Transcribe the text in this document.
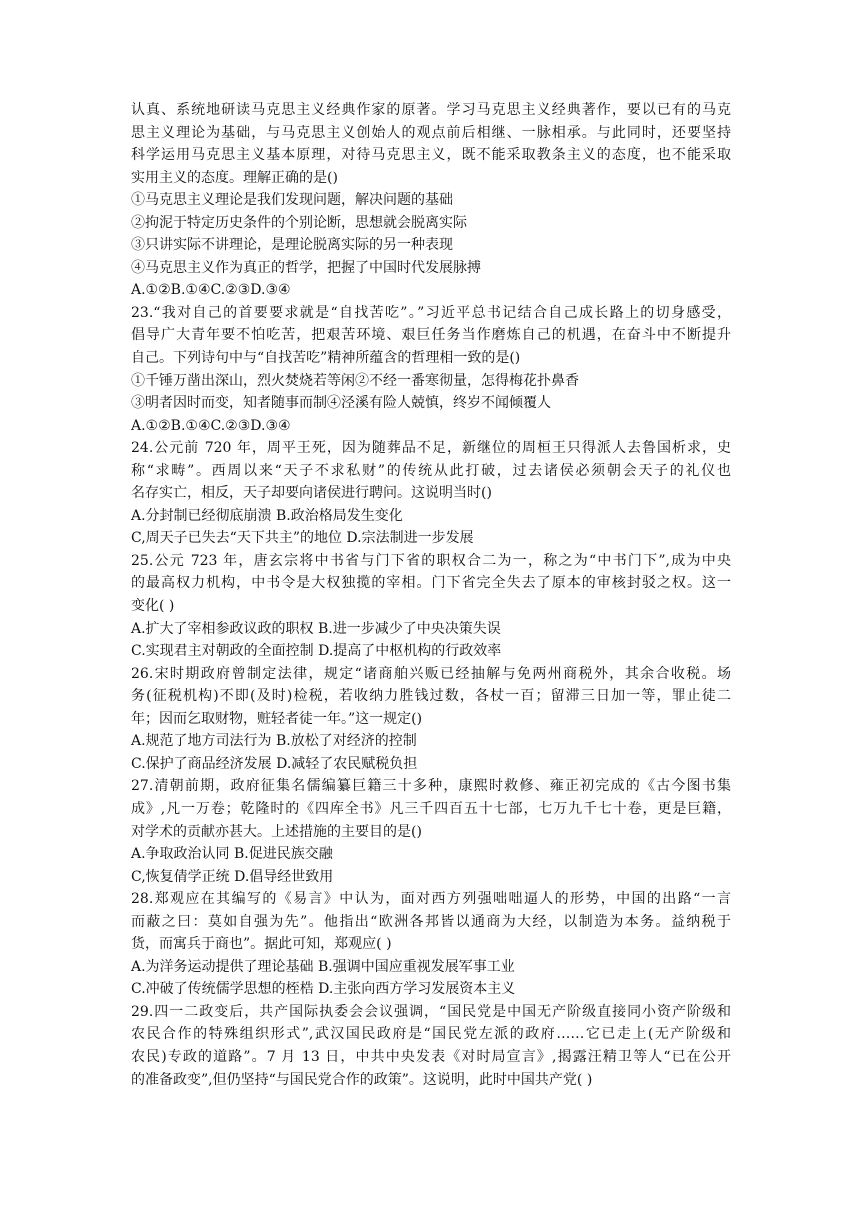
认真、系统地研读马克思主义经典作家的原著。学习马克思主义经典著作，要以已有的马克
思主义理论为基础，与马克思主义创始人的观点前后相继、一脉相承。与此同时，还要坚持
科学运用马克思主义基本原理，对待马克思主义，既不能采取教条主义的态度，也不能采取
实用主义的态度。理解正确的是()
①马克思主义理论是我们发现问题，解决问题的基础
②拘泥于特定历史条件的个别论断，思想就会脱离实际
③只讲实际不讲理论，是理论脱离实际的另一种表现
④马克思主义作为真正的哲学，把握了中国时代发展脉搏
A.①②B.①④C.②③D.③④
23.“我对自己的首要要求就是“自找苦吃”。”习近平总书记结合自己成长路上的切身感受，
倡导广大青年要不怕吃苦，把艰苦环境、艰巨任务当作磨炼自己的机遇，在奋斗中不断提升
自己。下列诗句中与“自找苦吃”精神所蕴含的哲理相一致的是()
①千锤万凿出深山，烈火焚烧若等闲②不经一番寒彻量，怎得梅花扑鼻香
③明者因时而变，知者随事而制④泾溪有险人兢慎，终岁不闻倾覆人
A.①②B.①④C.②③D.③④
24.公元前 720 年，周平王死，因为随葬品不足，新继位的周桓王只得派人去鲁国析求，史
称“求畴”。西周以来“天子不求私财”的传统从此打破，过去诸侯必须朝会天子的礼仪也
名存实亡，相反，天子却要向诸侯进行聘问。这说明当时()
A.分封制已经彻底崩溃 B.政治格局发生变化
C,周天子已失去“天下共主”的地位 D.宗法制进一步发展
25.公元 723 年，唐玄宗将中书省与门下省的职权合二为一，称之为“中书门下”,成为中央
的最高权力机构，中书令是大权独揽的宰相。门下省完全失去了原本的审核封驳之权。这一
变化( )
A.扩大了宰相参政议政的职权 B.进一步减少了中央决策失误
C.实现君主对朝政的全面控制 D.提高了中枢机构的行政效率
26.宋时期政府曾制定法律，规定“诸商舶兴贩已经抽解与免两州商税外，其余合收税。场
务(征税机构)不即(及时)检税，若收纳力胜钱过数，各杖一百；留滞三日加一等，罪止徒二
年；因而乞取财物，赃轻者徒一年。”这一规定()
A.规范了地方司法行为 B.放松了对经济的控制
C.保护了商品经济发展 D.减轻了农民赋税负担
27.清朝前期，政府征集名儒编纂巨籍三十多种，康熙时救修、雍正初完成的《古今图书集
成》,凡一万卷；乾隆时的《四库全书》凡三千四百五十七部，七万九千七十卷，更是巨籍，
对学术的贡献亦甚大。上述措施的主要目的是()
A.争取政治认同 B.促进民族交融
C,恢复倩学正统 D.倡导经世致用
28.郑观应在其编写的《易言》中认为，面对西方列强咄咄逼人的形势，中国的出路“一言
而蔽之曰：莫如自强为先”。他指出“欧洲各邦皆以通商为大经，以制造为本务。益纳税于
货，而寓兵于商也”。据此可知，郑观应( )
A.为洋务运动提供了理论基础 B.强调中国应重视发展军事工业
C.冲破了传统儒学思想的桎梏 D.主张向西方学习发展资本主义
29.四一二政变后，共产国际执委会会议强调，“国民党是中国无产阶级直接同小资产阶级和
农民合作的特殊组织形式”,武汉国民政府是“国民党左派的政府……它已走上(无产阶级和
农民)专政的道路”。7 月 13 日，中共中央发表《对时局宣言》,揭露汪精卫等人“已在公开
的准备政变”,但仍坚持“与国民党合作的政策”。这说明，此时中国共产党( )
